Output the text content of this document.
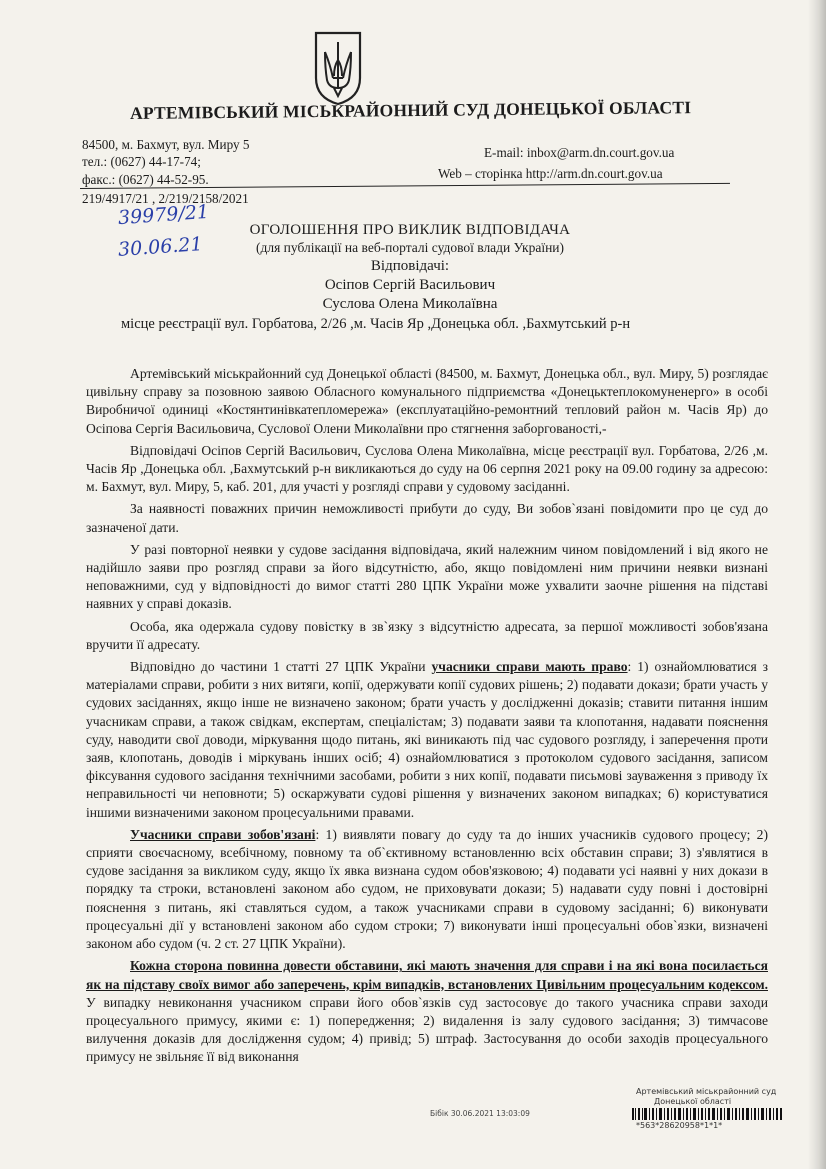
АРТЕМІВСЬКИЙ МІСЬКРАЙОННИЙ СУД ДОНЕЦЬКОЇ ОБЛАСТІ
84500, м. Бахмут, вул. Миру 5
тел.: (0627) 44-17-74;
факс.: (0627) 44-52-95.
E-mail: inbox@arm.dn.court.gov.ua
Web – сторінка http://arm.dn.court.gov.ua
219/4917/21 , 2/219/2158/2021
39979/21
30.06.21
ОГОЛОШЕННЯ ПРО ВИКЛИК ВІДПОВІДАЧА
(для публікації на веб-порталі судової влади України)
Відповідачі:
Осіпов Сергій Васильович
Суслова Олена Миколаївна
місце реєстрації вул. Горбатова, 2/26 ,м. Часів Яр ,Донецька обл. ,Бахмутський р-н

Артемівський міськрайонний суд Донецької області (84500, м. Бахмут, Донецька обл., вул. Миру, 5) розглядає цивільну справу за позовною заявою Обласного комунального підприємства «Донецьктеплокомуненерго» в особі Виробничої одиниці «Костянтинівкатепломережа» (експлуатаційно-ремонтний тепловий район м. Часів Яр) до Осіпова Сергія Васильовича, Суслової Олени Миколаївни про стягнення заборгованості,-

Відповідачі Осіпов Сергій Васильович, Суслова Олена Миколаївна, місце реєстрації вул. Горбатова, 2/26 ,м. Часів Яр ,Донецька обл. ,Бахмутський р-н викликаються до суду на 06 серпня 2021 року на 09.00 годину за адресою: м. Бахмут, вул. Миру, 5, каб. 201, для участі у розгляді справи у судовому засіданні.

За наявності поважних причин неможливості прибути до суду, Ви зобов`язані повідомити про це суд до зазначеної дати.

У разі повторної неявки у судове засідання відповідача, який належним чином повідомлений і від якого не надійшло заяви про розгляд справи за його відсутністю, або, якщо повідомлені ним причини неявки визнані неповажними, суд у відповідності до вимог статті 280 ЦПК України може ухвалити заочне рішення на підставі наявних у справі доказів.

Особа, яка одержала судову повістку в зв`язку з відсутністю адресата, за першої можливості зобов'язана вручити її адресату.

Відповідно до частини 1 статті 27 ЦПК України учасники справи мають право: 1) ознайомлюватися з матеріалами справи, робити з них витяги, копії, одержувати копії судових рішень; 2) подавати докази; брати участь у судових засіданнях, якщо інше не визначено законом; брати участь у дослідженні доказів; ставити питання іншим учасникам справи, а також свідкам, експертам, спеціалістам; 3) подавати заяви та клопотання, надавати пояснення суду, наводити свої доводи, міркування щодо питань, які виникають під час судового розгляду, і заперечення проти заяв, клопотань, доводів і міркувань інших осіб; 4) ознайомлюватися з протоколом судового засідання, записом фіксування судового засідання технічними засобами, робити з них копії, подавати письмові зауваження з приводу їх неправильності чи неповноти; 5) оскаржувати судові рішення у визначених законом випадках; 6) користуватися іншими визначеними законом процесуальними правами.

Учасники справи зобов'язані: 1) виявляти повагу до суду та до інших учасників судового процесу; 2) сприяти своєчасному, всебічному, повному та об`єктивному встановленню всіх обставин справи; 3) з'являтися в судове засідання за викликом суду, якщо їх явка визнана судом обов'язковою; 4) подавати усі наявні у них докази в порядку та строки, встановлені законом або судом, не приховувати докази; 5) надавати суду повні і достовірні пояснення з питань, які ставляться судом, а також учасниками справи в судовому засіданні; 6) виконувати процесуальні дії у встановлені законом або судом строки; 7) виконувати інші процесуальні обов`язки, визначені законом або судом (ч. 2 ст. 27 ЦПК України).

Кожна сторона повинна довести обставини, які мають значення для справи і на які вона посилається як на підставу своїх вимог або заперечень, крім випадків, встановлених Цивільним процесуальним кодексом. У випадку невиконання учасником справи його обов`язків суд застосовує до такого учасника справи заходи процесуального примусу, якими є: 1) попередження; 2) видалення із залу судового засідання; 3) тимчасове вилучення доказів для дослідження судом; 4) привід; 5) штраф. Застосування до особи заходів процесуального примусу не звільняє її від виконання

Артемівський міськрайонний суд
Донецької області
Бібік 30.06.2021 13:03:09
*563*28620958*1*1*
